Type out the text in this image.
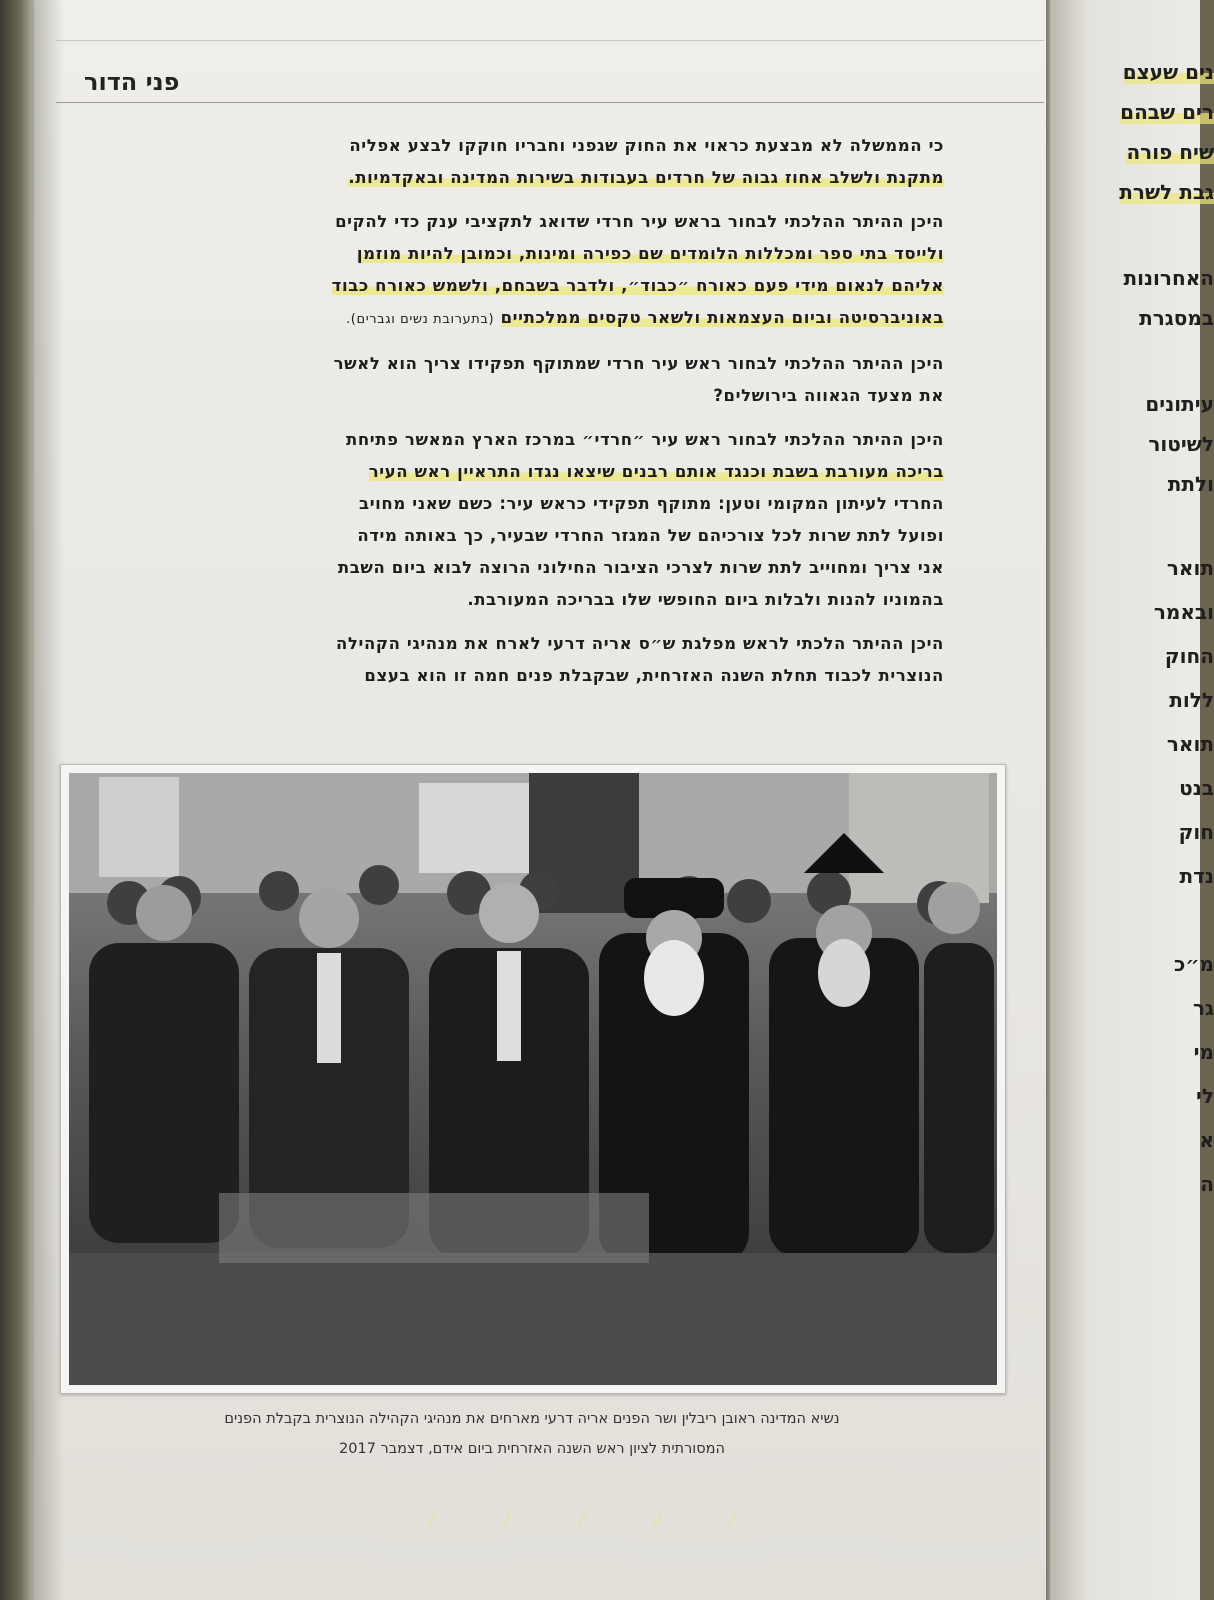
פני הדור

כי הממשלה לא מבצעת כראוי את החוק שגפני וחבריו חוקקו לבצע אפליה
מתקנת ולשלב אחוז גבוה של חרדים בעבודות בשירות המדינה ובאקדמיות.

היכן ההיתר ההלכתי לבחור בראש עיר חרדי שדואג לתקציבי ענק כדי להקים
ולייסד בתי ספר ומכללות הלומדים שם כפירה ומינות, וכמובן להיות מוזמן
אליהם לנאום מידי פעם כאורח ״כבוד״, ולדבר בשבחם, ולשמש כאורח כבוד
באוניברסיטה וביום העצמאות ולשאר טקסים ממלכתיים (בתערובת נשים וגברים).

היכן ההיתר ההלכתי לבחור ראש עיר חרדי שמתוקף תפקידו צריך הוא לאשר
את מצעד הגאווה בירושלים?

היכן ההיתר ההלכתי לבחור ראש עיר ״חרדי״ במרכז הארץ המאשר פתיחת
בריכה מעורבת בשבת וכנגד אותם רבנים שיצאו נגדו התראיין ראש העיר
החרדי לעיתון המקומי וטען: מתוקף תפקידי כראש עיר: כשם שאני מחויב
ופועל לתת שרות לכל צורכיהם של המגזר החרדי שבעיר, כך באותה מידה
אני צריך ומחוייב לתת שרות לצרכי הציבור החילוני הרוצה לבוא ביום השבת
בהמוניו להנות ולבלות ביום החופשי שלו בבריכה המעורבת.

היכן ההיתר הלכתי לראש מפלגת ש״ס אריה דרעי לארח את מנהיגי הקהילה
הנוצרית לכבוד תחלת השנה האזרחית, שבקבלת פנים חמה זו הוא בעצם

נשיא המדינה ראובן ריבלין ושר הפנים אריה דרעי מארחים את מנהיגי הקהילה הנוצרית בקבלת הפנים
המסורתית לציון ראש השנה האזרחית ביום אידם, דצמבר 2017
׳ ׳ ׳ ׳ ׳
נים שעצם
רים שבהם
שיח פורה
גבת לשרת
האחרונות
במסגרת
עיתונים
לשיטור
ולתת
תואר
ובאמר
החוק
ללות
תואר
בנט
חוק
נדת
מ״כ
גר
מי
לי
א
ה
